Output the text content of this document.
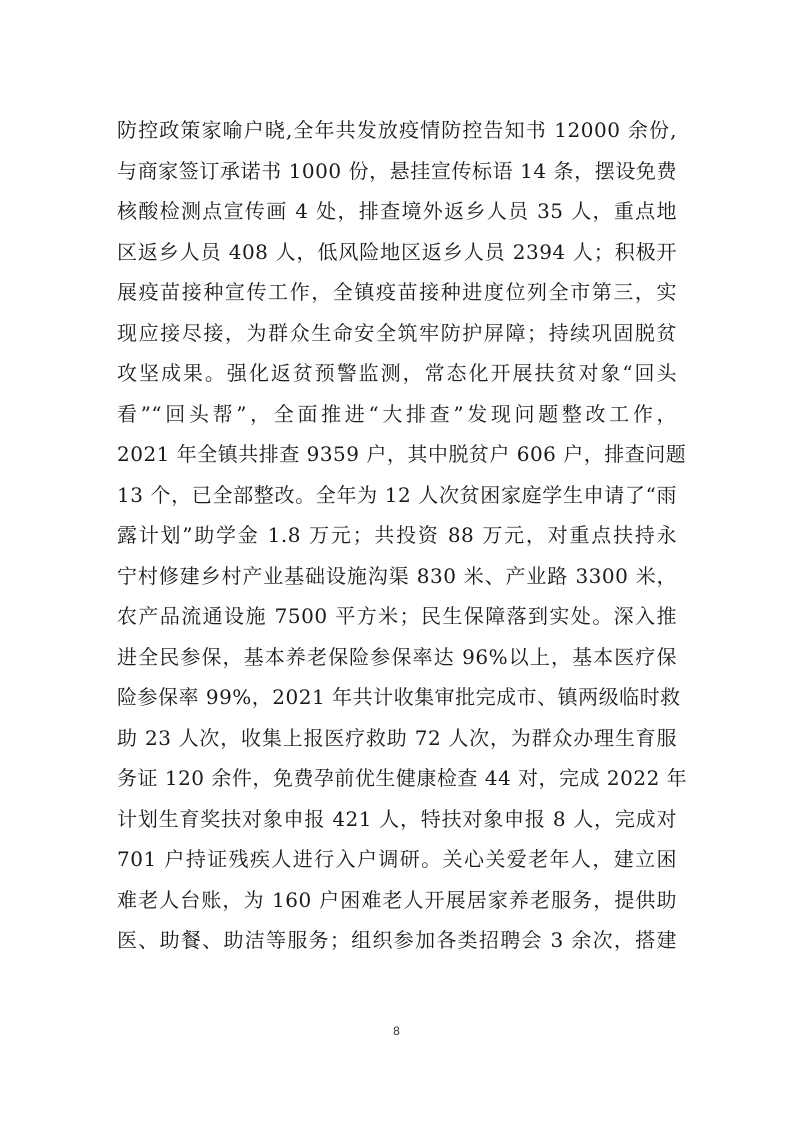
防控政策家喻户晓,全年共发放疫情防控告知书 12000 余份,
与商家签订承诺书 1000 份，悬挂宣传标语 14 条，摆设免费
核酸检测点宣传画 4 处，排查境外返乡人员 35 人，重点地
区返乡人员 408 人，低风险地区返乡人员 2394 人；积极开
展疫苗接种宣传工作，全镇疫苗接种进度位列全市第三，实
现应接尽接，为群众生命安全筑牢防护屏障；持续巩固脱贫
攻坚成果。强化返贫预警监测，常态化开展扶贫对象“回头
看”“回头帮”，全面推进“大排查”发现问题整改工作，
2021 年全镇共排查 9359 户，其中脱贫户 606 户，排查问题
13 个，已全部整改。全年为 12 人次贫困家庭学生申请了“雨
露计划”助学金 1.8 万元；共投资 88 万元，对重点扶持永
宁村修建乡村产业基础设施沟渠 830 米、产业路 3300 米，
农产品流通设施 7500 平方米；民生保障落到实处。深入推
进全民参保，基本养老保险参保率达 96%以上，基本医疗保
险参保率 99%，2021 年共计收集审批完成市、镇两级临时救
助 23 人次，收集上报医疗救助 72 人次，为群众办理生育服
务证 120 余件，免费孕前优生健康检查 44 对，完成 2022 年
计划生育奖扶对象申报 421 人，特扶对象申报 8 人，完成对
701 户持证残疾人进行入户调研。关心关爱老年人，建立困
难老人台账，为 160 户困难老人开展居家养老服务，提供助
医、助餐、助洁等服务；组织参加各类招聘会 3 余次，搭建
8
